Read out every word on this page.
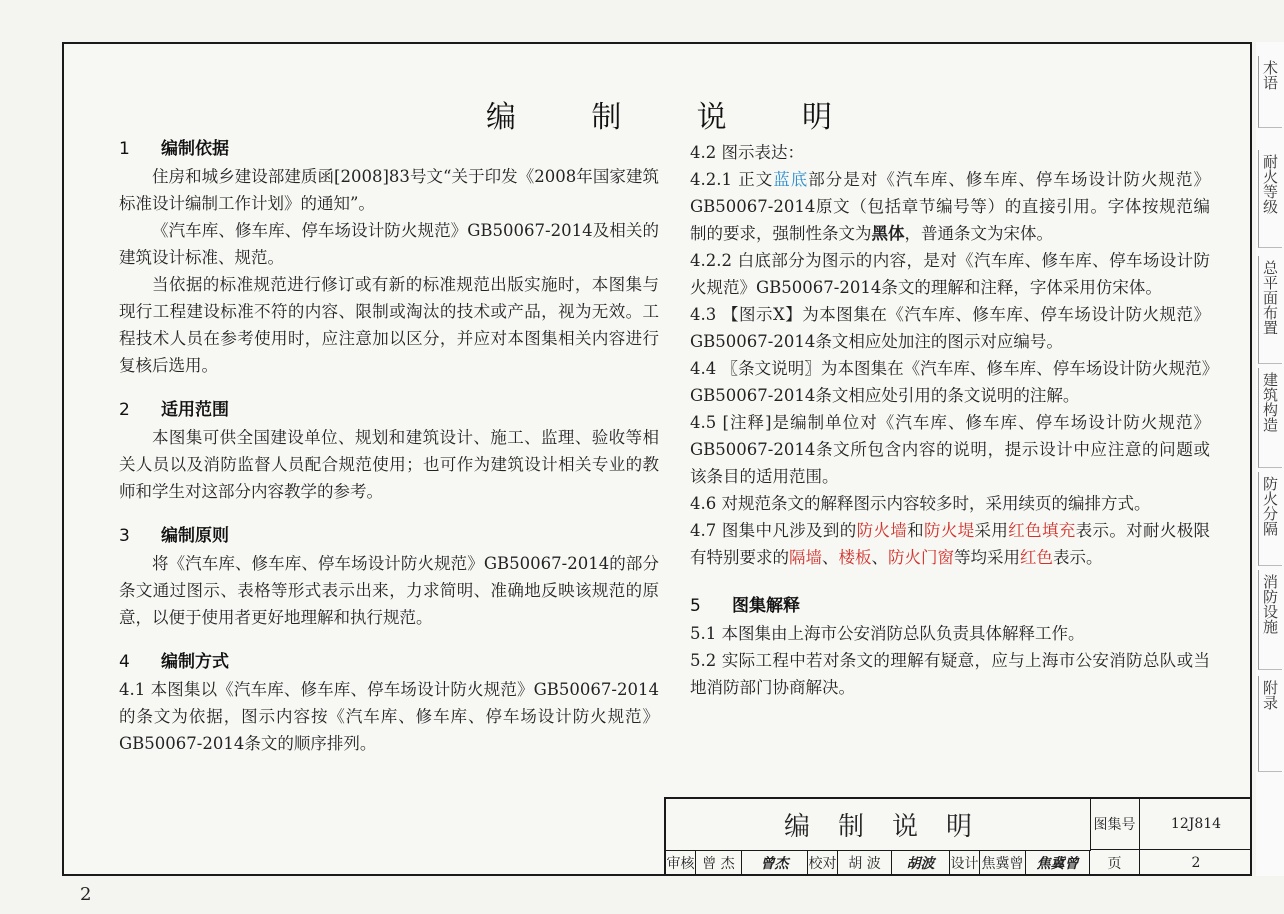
编	制	说	明
1 编制依据
住房和城乡建设部建质函[2008]83号文“关于印发《2008年国家建筑标准设计编制工作计划》的通知”。
《汽车库、修车库、停车场设计防火规范》GB50067-2014及相关的建筑设计标准、规范。
当依据的标准规范进行修订或有新的标准规范出版实施时，本图集与现行工程建设标准不符的内容、限制或淘汰的技术或产品，视为无效。工程技术人员在参考使用时，应注意加以区分，并应对本图集相关内容进行复核后选用。
2 适用范围
本图集可供全国建设单位、规划和建筑设计、施工、监理、验收等相关人员以及消防监督人员配合规范使用；也可作为建筑设计相关专业的教师和学生对这部分内容教学的参考。
3 编制原则
将《汽车库、修车库、停车场设计防火规范》GB50067-2014的部分条文通过图示、表格等形式表示出来，力求简明、准确地反映该规范的原意，以便于使用者更好地理解和执行规范。
4 编制方式
4.1 本图集以《汽车库、修车库、停车场设计防火规范》GB50067-2014的条文为依据，图示内容按《汽车库、修车库、停车场设计防火规范》GB50067-2014条文的顺序排列。
4.2 图示表达：
4.2.1 正文蓝底部分是对《汽车库、修车库、停车场设计防火规范》GB50067-2014原文（包括章节编号等）的直接引用。字体按规范编制的要求，强制性条文为黑体，普通条文为宋体。
4.2.2 白底部分为图示的内容，是对《汽车库、修车库、停车场设计防火规范》GB50067-2014条文的理解和注释，字体采用仿宋体。
4.3 【图示X】为本图集在《汽车库、修车库、停车场设计防火规范》GB50067-2014条文相应处加注的图示对应编号。
4.4 〖条文说明〗为本图集在《汽车库、修车库、停车场设计防火规范》GB50067-2014条文相应处引用的条文说明的注解。
4.5 [注释]是编制单位对《汽车库、修车库、停车场设计防火规范》GB50067-2014条文所包含内容的说明，提示设计中应注意的问题或该条目的适用范围。
4.6 对规范条文的解释图示内容较多时，采用续页的编排方式。
4.7 图集中凡涉及到的防火墙和防火堤采用红色填充表示。对耐火极限有特别要求的隔墙、楼板、防火门窗等均采用红色表示。
5 图集解释
5.1 本图集由上海市公安消防总队负责具体解释工作。
5.2 实际工程中若对条文的理解有疑意，应与上海市公安消防总队或当地消防部门协商解决。
编 制 说 明	图集号	12J814
审核 曾 杰	曾杰	校对 胡 波	胡波	设计 焦冀曾 焦冀曾	页	2
2
术语
耐火等级
总平面布置
建筑构造
防火分隔
消防设施
附录
